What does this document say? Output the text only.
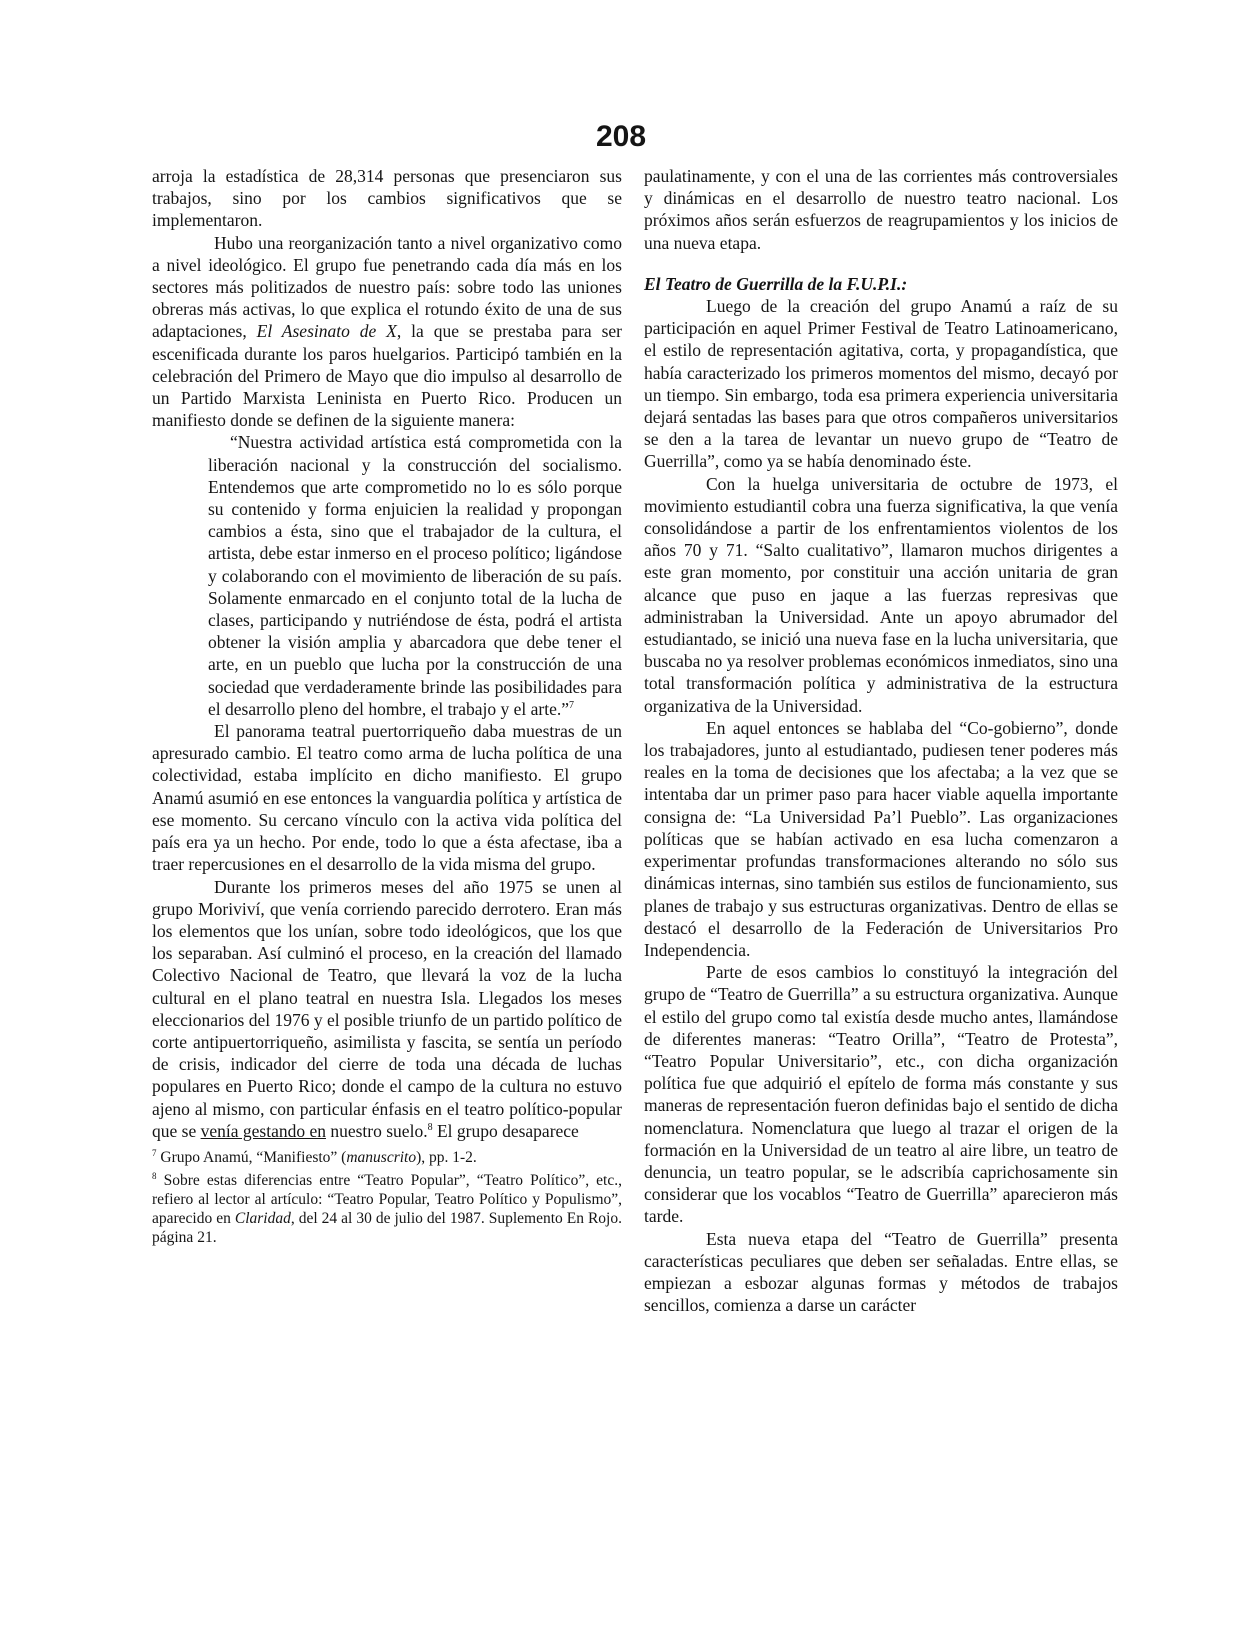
208

arroja la estadística de 28,314 personas que presenciaron sus trabajos, sino por los cambios significativos que se implementaron.

Hubo una reorganización tanto a nivel organizativo como a nivel ideológico. El grupo fue penetrando cada día más en los sectores más politizados de nuestro país: sobre todo las uniones obreras más activas, lo que explica el rotundo éxito de una de sus adaptaciones, El Asesinato de X, la que se prestaba para ser escenificada durante los paros huelgarios. Participó también en la celebración del Primero de Mayo que dio impulso al desarrollo de un Partido Marxista Leninista en Puerto Rico. Producen un manifiesto donde se definen de la siguiente manera:

“Nuestra actividad artística está comprometida con la liberación nacional y la construcción del socialismo. Entendemos que arte comprometido no lo es sólo porque su contenido y forma enjuicien la realidad y propongan cambios a ésta, sino que el trabajador de la cultura, el artista, debe estar inmerso en el proceso político; ligándose y colaborando con el movimiento de liberación de su país. Solamente enmarcado en el conjunto total de la lucha de clases, participando y nutriéndose de ésta, podrá el artista obtener la visión amplia y abarcadora que debe tener el arte, en un pueblo que lucha por la construcción de una sociedad que verdaderamente brinde las posibilidades para el desarrollo pleno del hombre, el trabajo y el arte.”$^7$

El panorama teatral puertorriqueño daba muestras de un apresurado cambio. El teatro como arma de lucha política de una colectividad, estaba implícito en dicho manifiesto. El grupo Anamú asumió en ese entonces la vanguardia política y artística de ese momento. Su cercano vínculo con la activa vida política del país era ya un hecho. Por ende, todo lo que a ésta afectase, iba a traer repercusiones en el desarrollo de la vida misma del grupo.

Durante los primeros meses del año 1975 se unen al grupo Moriviví, que venía corriendo parecido derrotero. Eran más los elementos que los unían, sobre todo ideológicos, que los que los separaban. Así culminó el proceso, en la creación del llamado Colectivo Nacional de Teatro, que llevará la voz de la lucha cultural en el plano teatral en nuestra Isla. Llegados los meses eleccionarios del 1976 y el posible triunfo de un partido político de corte antipuertorriqueño, asimilista y fascita, se sentía un período de crisis, indicador del cierre de toda una década de luchas populares en Puerto Rico; donde el campo de la cultura no estuvo ajeno al mismo, con particular énfasis en el teatro político-popular que se venía gestando en nuestro suelo.$^8$ El grupo desaparece

$^7$ Grupo Anamú, “Manifiesto” (manuscrito), pp. 1-2.

$^8$ Sobre estas diferencias entre “Teatro Popular”, “Teatro Político”, etc., refiero al lector al artículo: “Teatro Popular, Teatro Político y Populismo”, aparecido en Claridad, del 24 al 30 de julio del 1987. Suplemento En Rojo. página 21.

paulatinamente, y con el una de las corrientes más controversiales y dinámicas en el desarrollo de nuestro teatro nacional. Los próximos años serán esfuerzos de reagrupamientos y los inicios de una nueva etapa.

El Teatro de Guerrilla de la F.U.P.I.:

Luego de la creación del grupo Anamú a raíz de su participación en aquel Primer Festival de Teatro Latinoamericano, el estilo de representación agitativa, corta, y propagandística, que había caracterizado los primeros momentos del mismo, decayó por un tiempo. Sin embargo, toda esa primera experiencia universitaria dejará sentadas las bases para que otros compañeros universitarios se den a la tarea de levantar un nuevo grupo de “Teatro de Guerrilla”, como ya se había denominado éste.

Con la huelga universitaria de octubre de 1973, el movimiento estudiantil cobra una fuerza significativa, la que venía consolidándose a partir de los enfrentamientos violentos de los años 70 y 71. “Salto cualitativo”, llamaron muchos dirigentes a este gran momento, por constituir una acción unitaria de gran alcance que puso en jaque a las fuerzas represivas que administraban la Universidad. Ante un apoyo abrumador del estudiantado, se inició una nueva fase en la lucha universitaria, que buscaba no ya resolver problemas económicos inmediatos, sino una total transformación política y administrativa de la estructura organizativa de la Universidad.

En aquel entonces se hablaba del “Co-gobierno”, donde los trabajadores, junto al estudiantado, pudiesen tener poderes más reales en la toma de decisiones que los afectaba; a la vez que se intentaba dar un primer paso para hacer viable aquella importante consigna de: “La Universidad Pa’l Pueblo”. Las organizaciones políticas que se habían activado en esa lucha comenzaron a experimentar profundas transformaciones alterando no sólo sus dinámicas internas, sino también sus estilos de funcionamiento, sus planes de trabajo y sus estructuras organizativas. Dentro de ellas se destacó el desarrollo de la Federación de Universitarios Pro Independencia.

Parte de esos cambios lo constituyó la integración del grupo de “Teatro de Guerrilla” a su estructura organizativa. Aunque el estilo del grupo como tal existía desde mucho antes, llamándose de diferentes maneras: “Teatro Orilla”, “Teatro de Protesta”, “Teatro Popular Universitario”, etc., con dicha organización política fue que adquirió el epítelo de forma más constante y sus maneras de representación fueron definidas bajo el sentido de dicha nomenclatura. Nomenclatura que luego al trazar el origen de la formación en la Universidad de un teatro al aire libre, un teatro de denuncia, un teatro popular, se le adscribía caprichosamente sin considerar que los vocablos “Teatro de Guerrilla” aparecieron más tarde.

Esta nueva etapa del “Teatro de Guerrilla” presenta características peculiares que deben ser señaladas. Entre ellas, se empiezan a esbozar algunas formas y métodos de trabajos sencillos, comienza a darse un carácter
